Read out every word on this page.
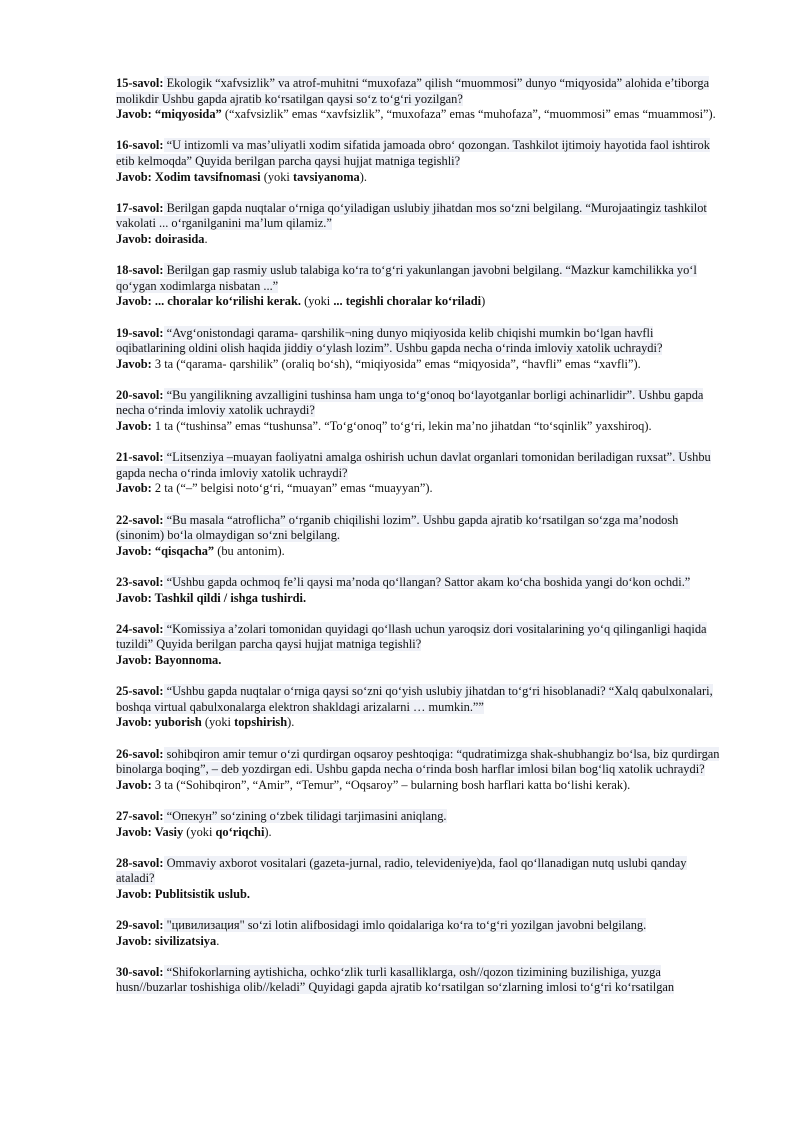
15-savol: Ekologik “xafvsizlik” va atrof-muhitni “muxofaza” qilish “muommosi” dunyo “miqyosida” alohida e’tiborga molikdir Ushbu gapda ajratib ko‘rsatilgan qaysi so‘z to‘g‘ri yozilgan?

Javob: “miqyosida” (“xafvsizlik” emas “xavfsizlik”, “muxofaza” emas “muhofaza”, “muommosi” emas “muammosi”).

16-savol: “U intizomli va mas’uliyatli xodim sifatida jamoada obro‘ qozongan. Tashkilot ijtimoiy hayotida faol ishtirok etib kelmoqda” Quyida berilgan parcha qaysi hujjat matniga tegishli?

Javob: Xodim tavsifnomasi (yoki tavsiyanoma).

17-savol: Berilgan gapda nuqtalar o‘rniga qo‘yiladigan uslubiy jihatdan mos so‘zni belgilang. “Murojaatingiz tashkilot vakolati ... o‘rganilganini ma’lum qilamiz.”

Javob: doirasida.

18-savol: Berilgan gap rasmiy uslub talabiga ko‘ra to‘g‘ri yakunlangan javobni belgilang. “Mazkur kamchilikka yo‘l qo‘ygan xodimlarga nisbatan ...”

Javob: ... choralar ko‘rilishi kerak. (yoki ... tegishli choralar ko‘riladi)

19-savol: “Avg‘onistondagi qarama- qarshilik¬ning dunyo miqiyosida kelib chiqishi mumkin bo‘lgan havfli oqibatlarining oldini olish haqida jiddiy o‘ylash lozim”. Ushbu gapda necha o‘rinda imloviy xatolik uchraydi?

Javob: 3 ta (“qarama- qarshilik” (oraliq bo‘sh), “miqiyosida” emas “miqyosida”, “havfli” emas “xavfli”).

20-savol: “Bu yangilikning avzalligini tushinsa ham unga to‘g‘onoq bo‘layotganlar borligi achinarlidir”. Ushbu gapda necha o‘rinda imloviy xatolik uchraydi?

Javob: 1 ta (“tushinsa” emas “tushunsa”. “To‘g‘onoq” to‘g‘ri, lekin ma’no jihatdan “to‘sqinlik” yaxshiroq).

21-savol: “Litsenziya –muayan faoliyatni amalga oshirish uchun davlat organlari tomonidan beriladigan ruxsat”. Ushbu gapda necha o‘rinda imloviy xatolik uchraydi?

Javob: 2 ta (“–” belgisi noto‘g‘ri, “muayan” emas “muayyan”).

22-savol: “Bu masala “atroflicha” o‘rganib chiqilishi lozim”. Ushbu gapda ajratib ko‘rsatilgan so‘zga ma’nodosh (sinonim) bo‘la olmaydigan so‘zni belgilang.

Javob: “qisqacha” (bu antonim).

23-savol: “Ushbu gapda ochmoq fe’li qaysi ma’noda qo‘llangan? Sattor akam ko‘cha boshida yangi do‘kon ochdi.”

Javob: Tashkil qildi / ishga tushirdi.

24-savol: “Komissiya a’zolari tomonidan quyidagi qo‘llash uchun yaroqsiz dori vositalarining yo‘q qilinganligi haqida tuzildi” Quyida berilgan parcha qaysi hujjat matniga tegishli?

Javob: Bayonnoma.

25-savol: “Ushbu gapda nuqtalar o‘rniga qaysi so‘zni qo‘yish uslubiy jihatdan to‘g‘ri hisoblanadi? “Xalq qabulxonalari, boshqa virtual qabulxonalarga elektron shakldagi arizalarni … mumkin.””

Javob: yuborish (yoki topshirish).

26-savol: sohibqiron amir temur o‘zi qurdirgan oqsaroy peshtoqiga: “qudratimizga shak-shubhangiz bo‘lsa, biz qurdirgan binolarga boqing”, – deb yozdirgan edi. Ushbu gapda necha o‘rinda bosh harflar imlosi bilan bog‘liq xatolik uchraydi?

Javob: 3 ta (“Sohibqiron”, “Amir”, “Temur”, “Oqsaroy” – bularning bosh harflari katta bo‘lishi kerak).

27-savol: “Опекун” so‘zining o‘zbek tilidagi tarjimasini aniqlang.

Javob: Vasiy (yoki qo‘riqchi).

28-savol: Ommaviy axborot vositalari (gazeta-jurnal, radio, televideniye)da, faol qo‘llanadigan nutq uslubi qanday ataladi?

Javob: Publitsistik uslub.

29-savol: "цивилизация" so‘zi lotin alifbosidagi imlo qoidalariga ko‘ra to‘g‘ri yozilgan javobni belgilang.

Javob: sivilizatsiya.

30-savol: “Shifokorlarning aytishicha, ochko‘zlik turli kasalliklarga, osh//qozon tizimining buzilishiga, yuzga husn//buzarlar toshishiga olib//keladi” Quyidagi gapda ajratib ko‘rsatilgan so‘zlarning imlosi to‘g‘ri ko‘rsatilgan
